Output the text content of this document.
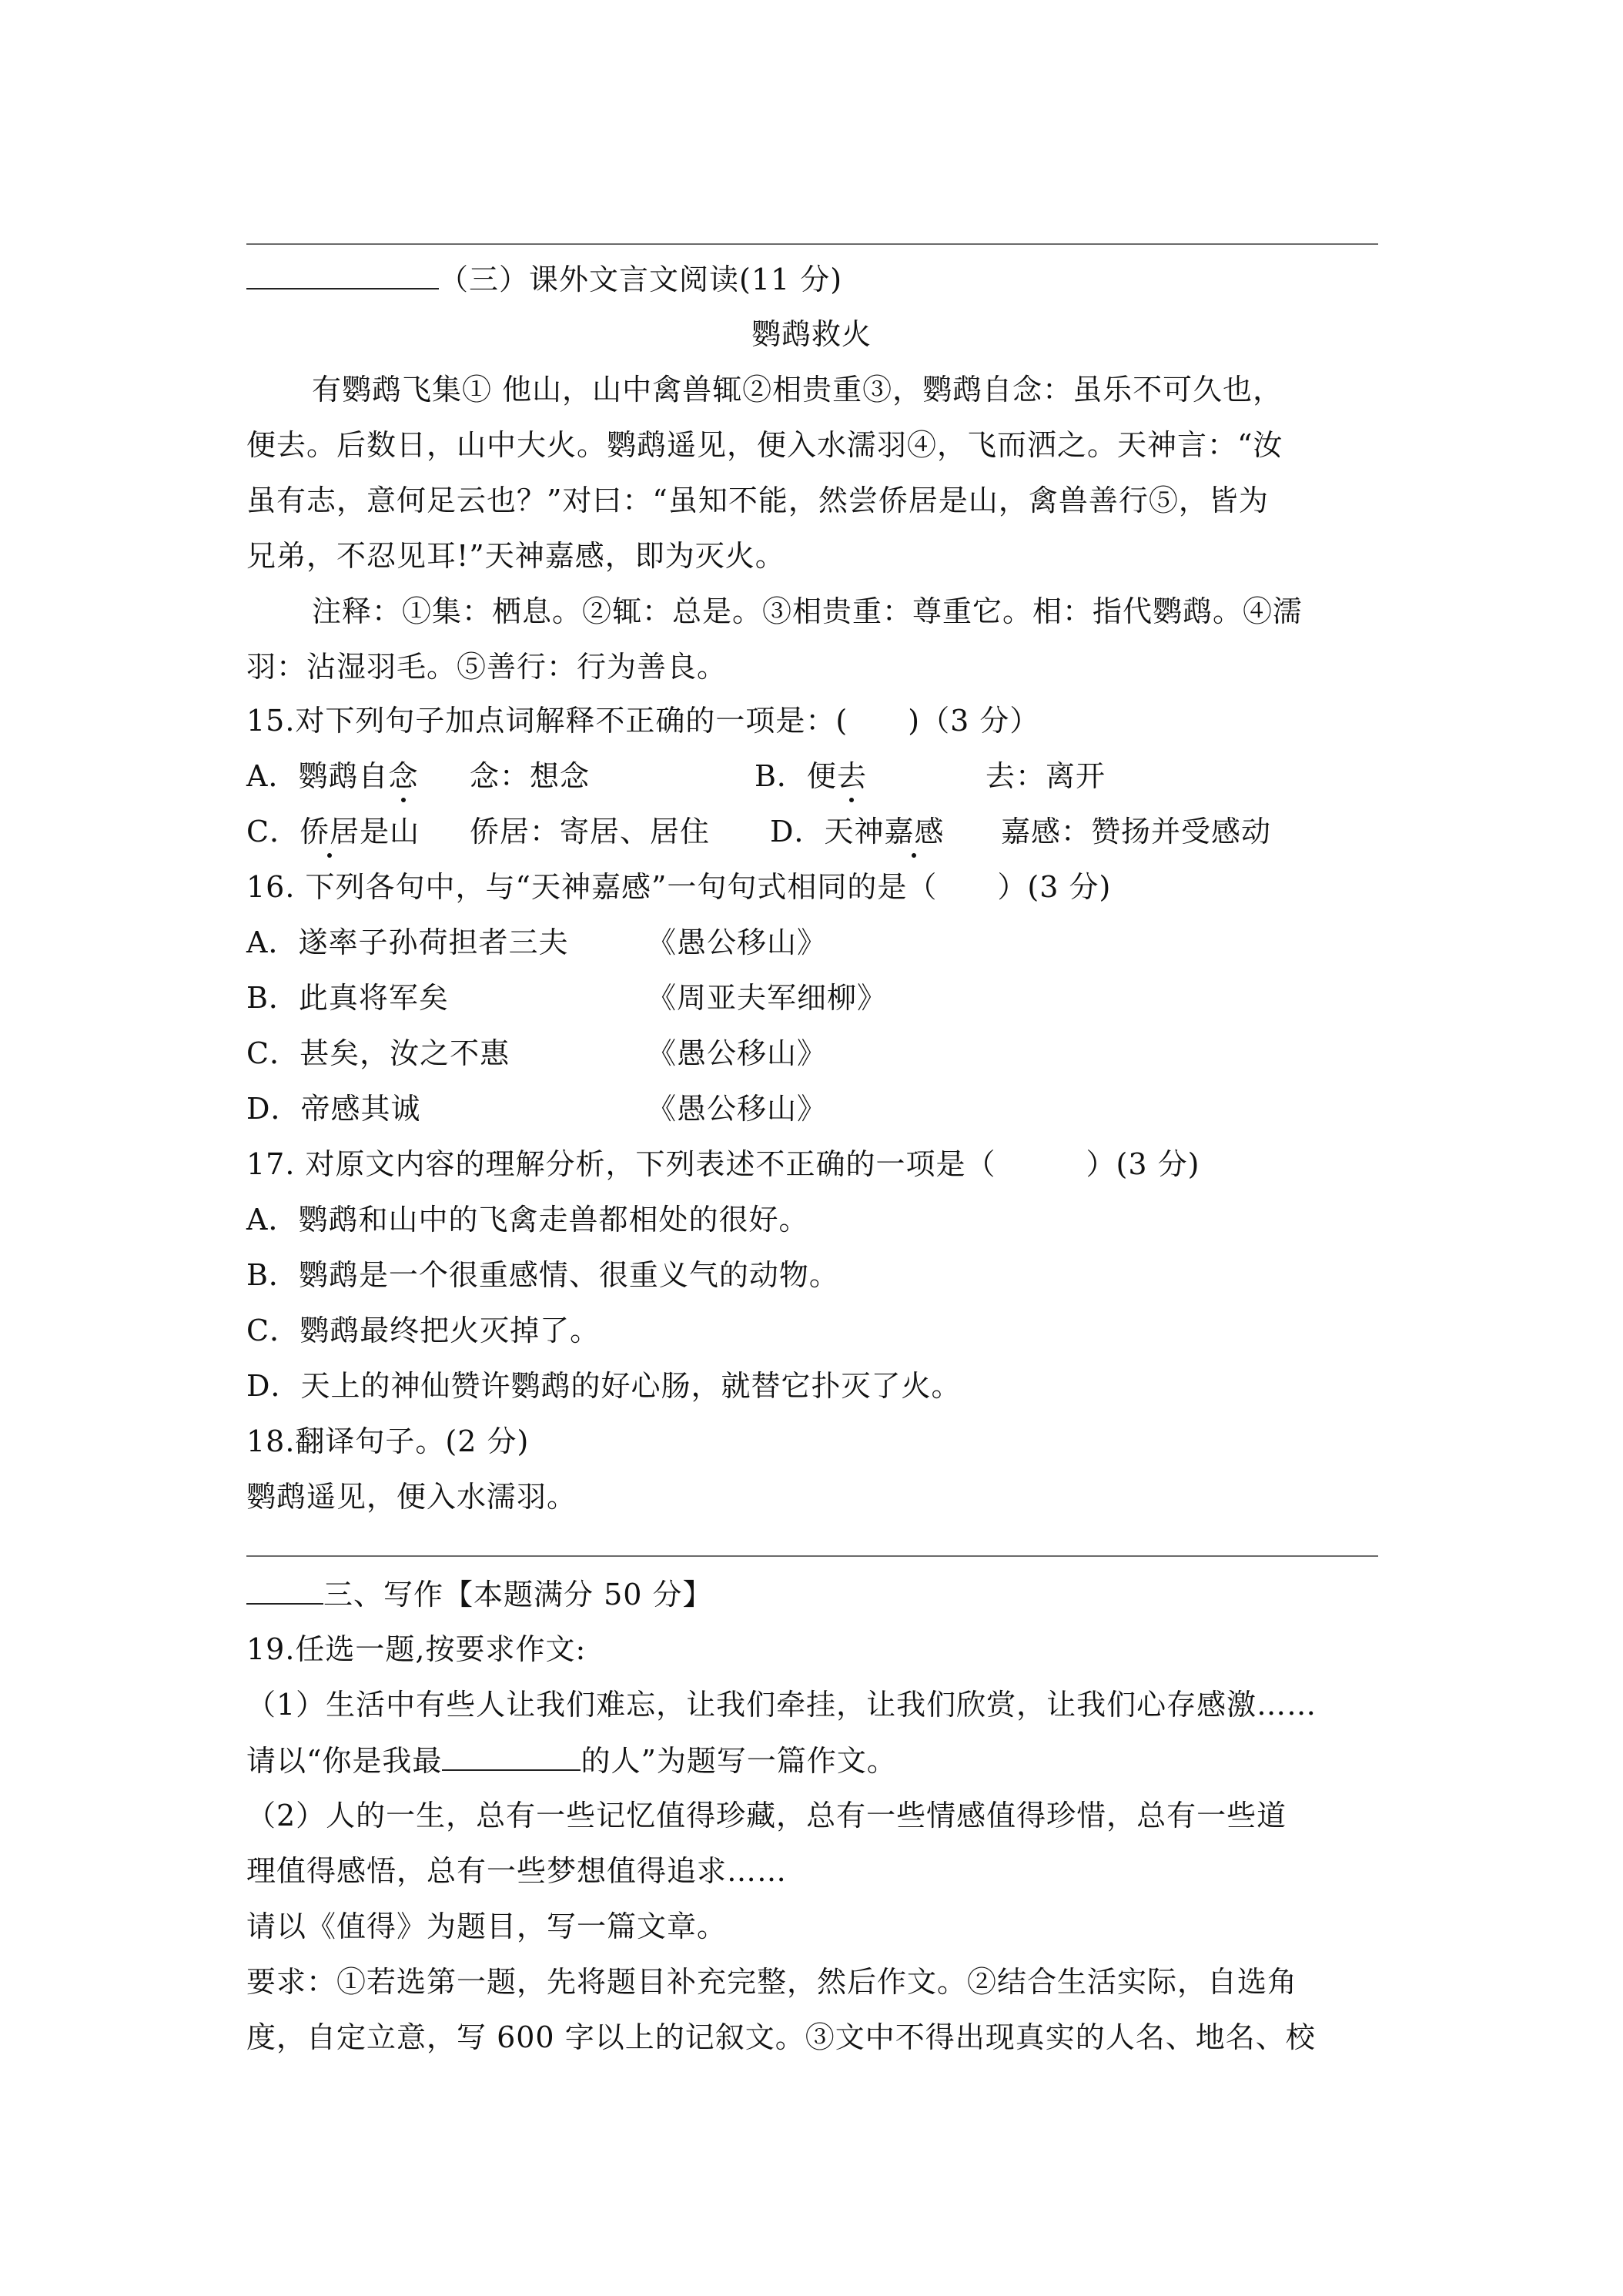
（三）课外文言文阅读(11 分)
鹦鹉救火
有鹦鹉飞集① 他山，山中禽兽辄②相贵重③，鹦鹉自念：虽乐不可久也，
便去。后数日，山中大火。鹦鹉遥见，便入水濡羽④，飞而洒之。天神言：“汝
虽有志，意何足云也？”对曰：“虽知不能，然尝侨居是山，禽兽善行⑤，皆为
兄弟，不忍见耳!”天神嘉感，即为灭火。
注释：①集：栖息。②辄：总是。③相贵重：尊重它。相：指代鹦鹉。④濡
羽：沾湿羽毛。⑤善行：行为善良。
15.对下列句子加点词解释不正确的一项是：(　　)（3 分）
A．鹦鹉自念 念：想念	B．便去	去：离开
C．侨居是山 侨居：寄居、居住 D．天神嘉感 嘉感：赞扬并受感动
16. 下列各句中，与“天神嘉感”一句句式相同的是（　　）(3 分)
A．遂率子孙荷担者三夫	《愚公移山》
B．此真将军矣	《周亚夫军细柳》
C．甚矣，汝之不惠	《愚公移山》
D．帝感其诚	《愚公移山》
17. 对原文内容的理解分析，下列表述不正确的一项是（　　　）(3 分)
A．鹦鹉和山中的飞禽走兽都相处的很好。
B．鹦鹉是一个很重感情、很重义气的动物。
C．鹦鹉最终把火灭掉了。
D．天上的神仙赞许鹦鹉的好心肠，就替它扑灭了火。
18.翻译句子。(2 分)
鹦鹉遥见，便入水濡羽。
三、写作【本题满分 50 分】
19.任选一题,按要求作文:
（1）生活中有些人让我们难忘，让我们牵挂，让我们欣赏，让我们心存感激……
请以“你是我最	的人”为题写一篇作文。
（2）人的一生，总有一些记忆值得珍藏，总有一些情感值得珍惜，总有一些道
理值得感悟，总有一些梦想值得追求……
请以《值得》为题目，写一篇文章。
要求：①若选第一题，先将题目补充完整，然后作文。②结合生活实际，自选角
度，自定立意，写 600 字以上的记叙文。③文中不得出现真实的人名、地名、校
